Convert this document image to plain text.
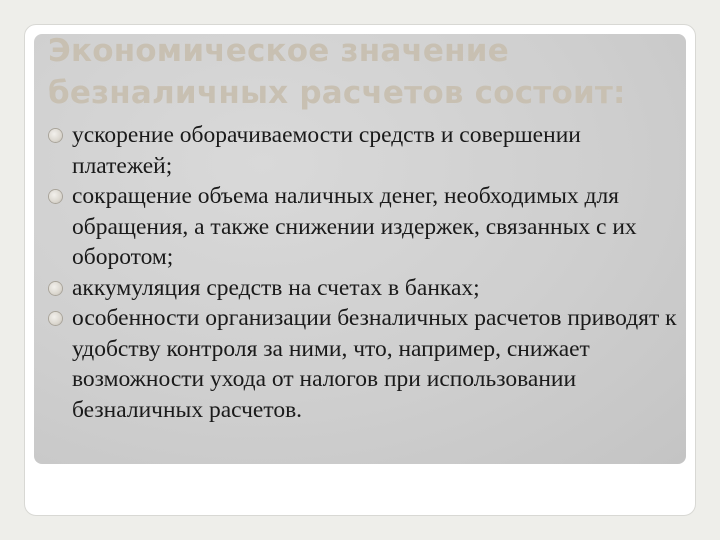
Экономическое значение безналичных расчетов состоит:
ускорение оборачиваемости средств и совершении платежей;
сокращение объема наличных денег, необходимых для обращения, а также снижении издержек, связанных с их оборотом;
аккумуляция средств на счетах в банках;
особенности организации безналичных расчетов приводят к удобству контроля за ними, что, например, снижает возможности ухода от налогов при использовании безналичных расчетов.
